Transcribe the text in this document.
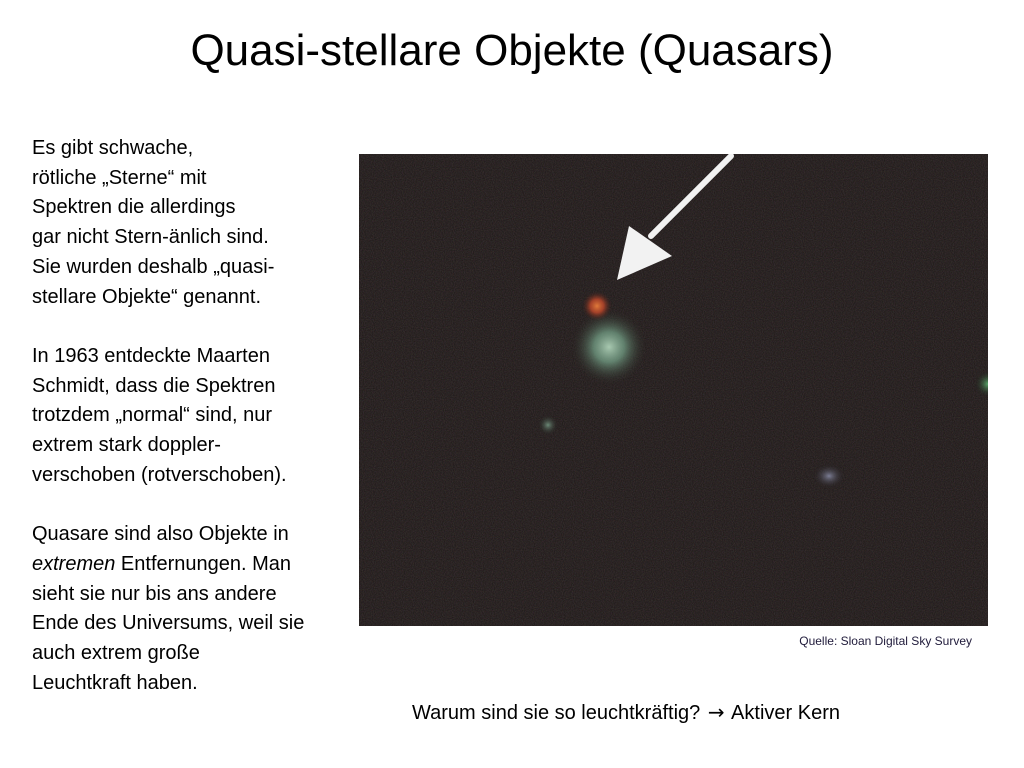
Quasi-stellare Objekte (Quasars)

Es gibt schwache,
rötliche „Sterne“ mit
Spektren die allerdings
gar nicht Stern-änlich sind.
Sie wurden deshalb „quasi-
stellare Objekte“ genannt.

In 1963 entdeckte Maarten
Schmidt, dass die Spektren
trotzdem „normal“ sind, nur
extrem stark doppler-
verschoben (rotverschoben).

Quasare sind also Objekte in
extremen Entfernungen. Man
sieht sie nur bis ans andere
Ende des Universums, weil sie
auch extrem große
Leuchtkraft haben.

Quelle: Sloan Digital Sky Survey
Warum sind sie so leuchtkräftig? → Aktiver Kern
